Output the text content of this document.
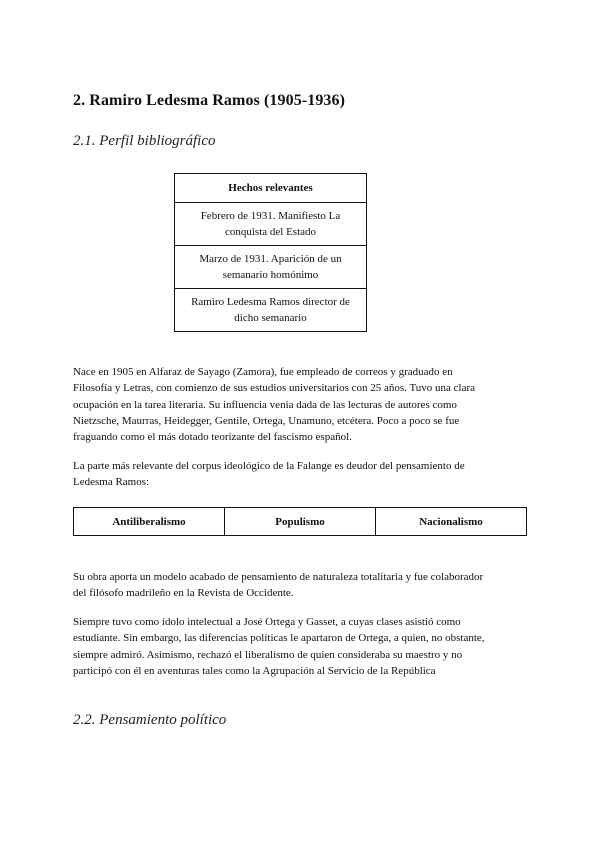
2. Ramiro Ledesma Ramos (1905-1936)
2.1. Perfil bibliográfico
Hechos relevantes
Febrero de 1931. Manifiesto La conquista del Estado
Marzo de 1931. Aparición de un semanario homónimo
Ramiro Ledesma Ramos director de dicho semanario

Nace en 1905 en Alfaraz de Sayago (Zamora), fue empleado de correos y graduado en
Filosofía y Letras, con comienzo de sus estudios universitarios con 25 años. Tuvo una clara
ocupación en la tarea literaria. Su influencia venía dada de las lecturas de autores como
Nietzsche, Maurras, Heidegger, Gentile, Ortega, Unamuno, etcétera. Poco a poco se fue
fraguando como el más dotado teorizante del fascismo español.

La parte más relevante del corpus ideológico de la Falange es deudor del pensamiento de
Ledesma Ramos:

Antiliberalismo	Populismo	Nacionalismo

Su obra aporta un modelo acabado de pensamiento de naturaleza totalitaria y fue colaborador
del filósofo madrileño en la Revista de Occidente.

Siempre tuvo como ídolo intelectual a José Ortega y Gasset, a cuyas clases asistió como
estudiante. Sin embargo, las diferencias políticas le apartaron de Ortega, a quien, no obstante,
siempre admiró. Asimismo, rechazó el liberalismo de quien consideraba su maestro y no
participó con él en aventuras tales como la Agrupación al Servicio de la República

2.2. Pensamiento político
